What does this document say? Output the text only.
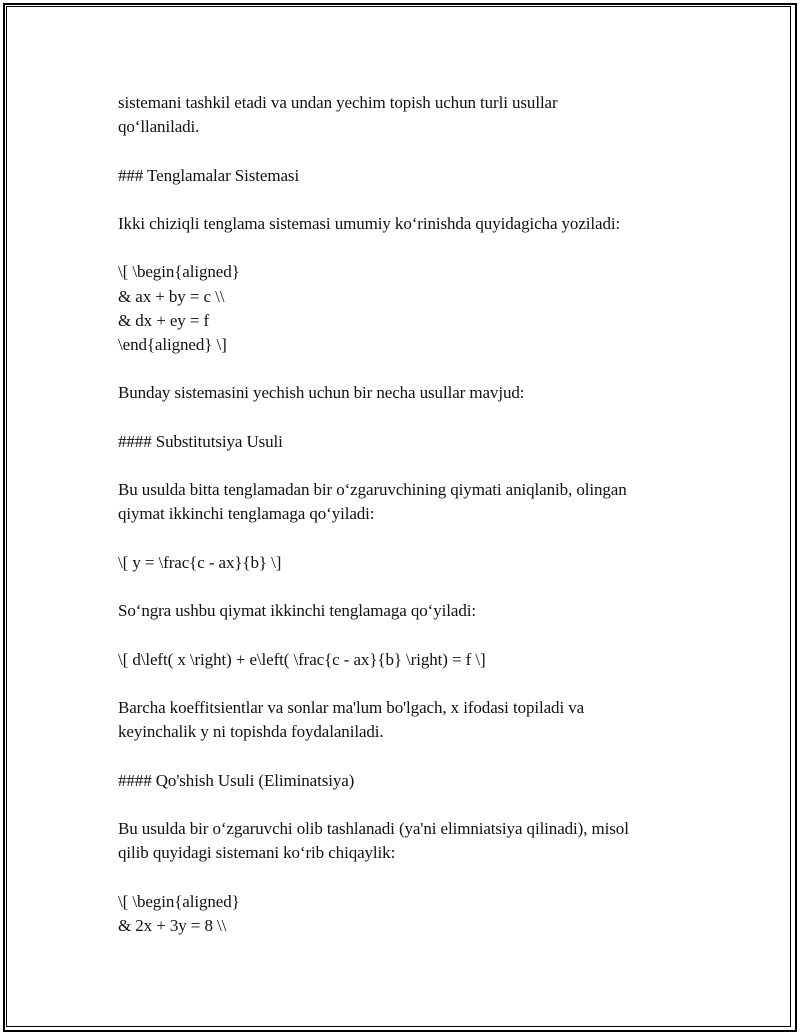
sistemani tashkil etadi va undan yechim topish uchun turli usullar

qo‘llaniladi.

### Tenglamalar Sistemasi

Ikki chiziqli tenglama sistemasi umumiy ko‘rinishda quyidagicha yoziladi:

\[ \begin{aligned}

& ax + by = c \\

& dx + ey = f

\end{aligned} \]

Bunday sistemasini yechish uchun bir necha usullar mavjud:

#### Substitutsiya Usuli

Bu usulda bitta tenglamadan bir o‘zgaruvchining qiymati aniqlanib, olingan

qiymat ikkinchi tenglamaga qo‘yiladi:

\[ y = \frac{c - ax}{b} \]

So‘ngra ushbu qiymat ikkinchi tenglamaga qo‘yiladi:

\[ d\left( x \right) + e\left( \frac{c - ax}{b} \right) = f \]

Barcha koeffitsientlar va sonlar ma'lum bo'lgach, x ifodasi topiladi va

keyinchalik y ni topishda foydalaniladi.

#### Qo'shish Usuli (Eliminatsiya)

Bu usulda bir o‘zgaruvchi olib tashlanadi (ya'ni elimniatsiya qilinadi), misol

qilib quyidagi sistemani ko‘rib chiqaylik:

\[ \begin{aligned}

& 2x + 3y = 8 \\
